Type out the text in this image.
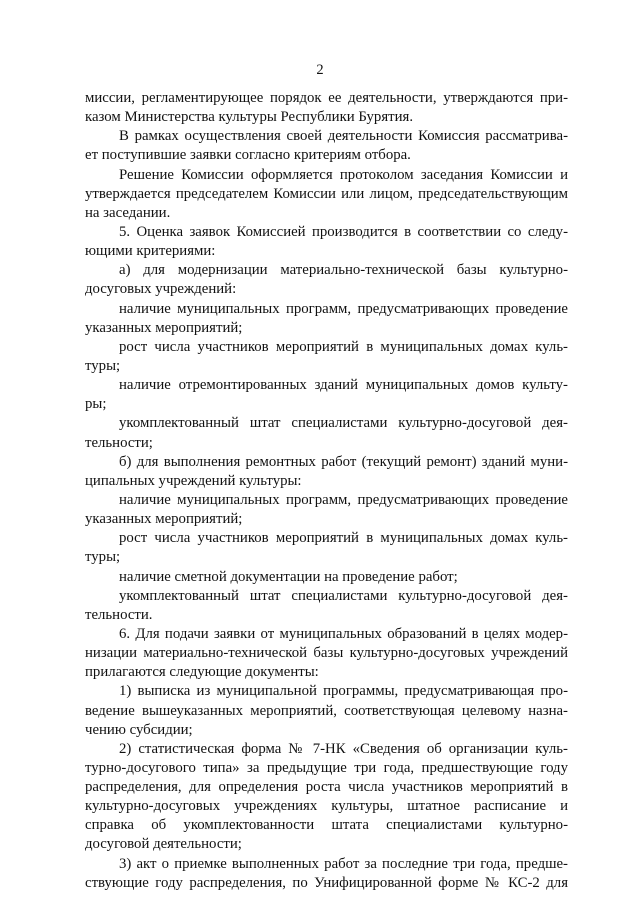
2
миссии, регламентирующее порядок ее деятельности, утверждаются при-
казом Министерства культуры Республики Бурятия.
В рамках осуществления своей деятельности Комиссия рассматрива-
ет поступившие заявки согласно критериям отбора.
Решение Комиссии оформляется протоколом заседания Комиссии и
утверждается председателем Комиссии или лицом, председательствующим
на заседании.
5. Оценка заявок Комиссией производится в соответствии со следу-
ющими критериями:
а) для модернизации материально-технической базы культурно-
досуговых учреждений:
наличие муниципальных программ, предусматривающих проведение
указанных мероприятий;
рост числа участников мероприятий в муниципальных домах куль-
туры;
наличие отремонтированных зданий муниципальных домов культу-
ры;
укомплектованный штат специалистами культурно-досуговой дея-
тельности;
б) для выполнения ремонтных работ (текущий ремонт) зданий муни-
ципальных учреждений культуры:
наличие муниципальных программ, предусматривающих проведение
указанных мероприятий;
рост числа участников мероприятий в муниципальных домах куль-
туры;
наличие сметной документации на проведение работ;
укомплектованный штат специалистами культурно-досуговой дея-
тельности.
6. Для подачи заявки от муниципальных образований в целях модер-
низации материально-технической базы культурно-досуговых учреждений
прилагаются следующие документы:
1) выписка из муниципальной программы, предусматривающая про-
ведение вышеуказанных мероприятий, соответствующая целевому назна-
чению субсидии;
2) статистическая форма № 7-НК «Сведения об организации куль-
турно-досугового типа» за предыдущие три года, предшествующие году
распределения, для определения роста числа участников мероприятий в
культурно-досуговых учреждениях культуры, штатное расписание и
справка об укомплектованности штата специалистами культурно-
досуговой деятельности;
3) акт о приемке выполненных работ за последние три года, предше-
ствующие году распределения, по Унифицированной форме № КС-2 для
